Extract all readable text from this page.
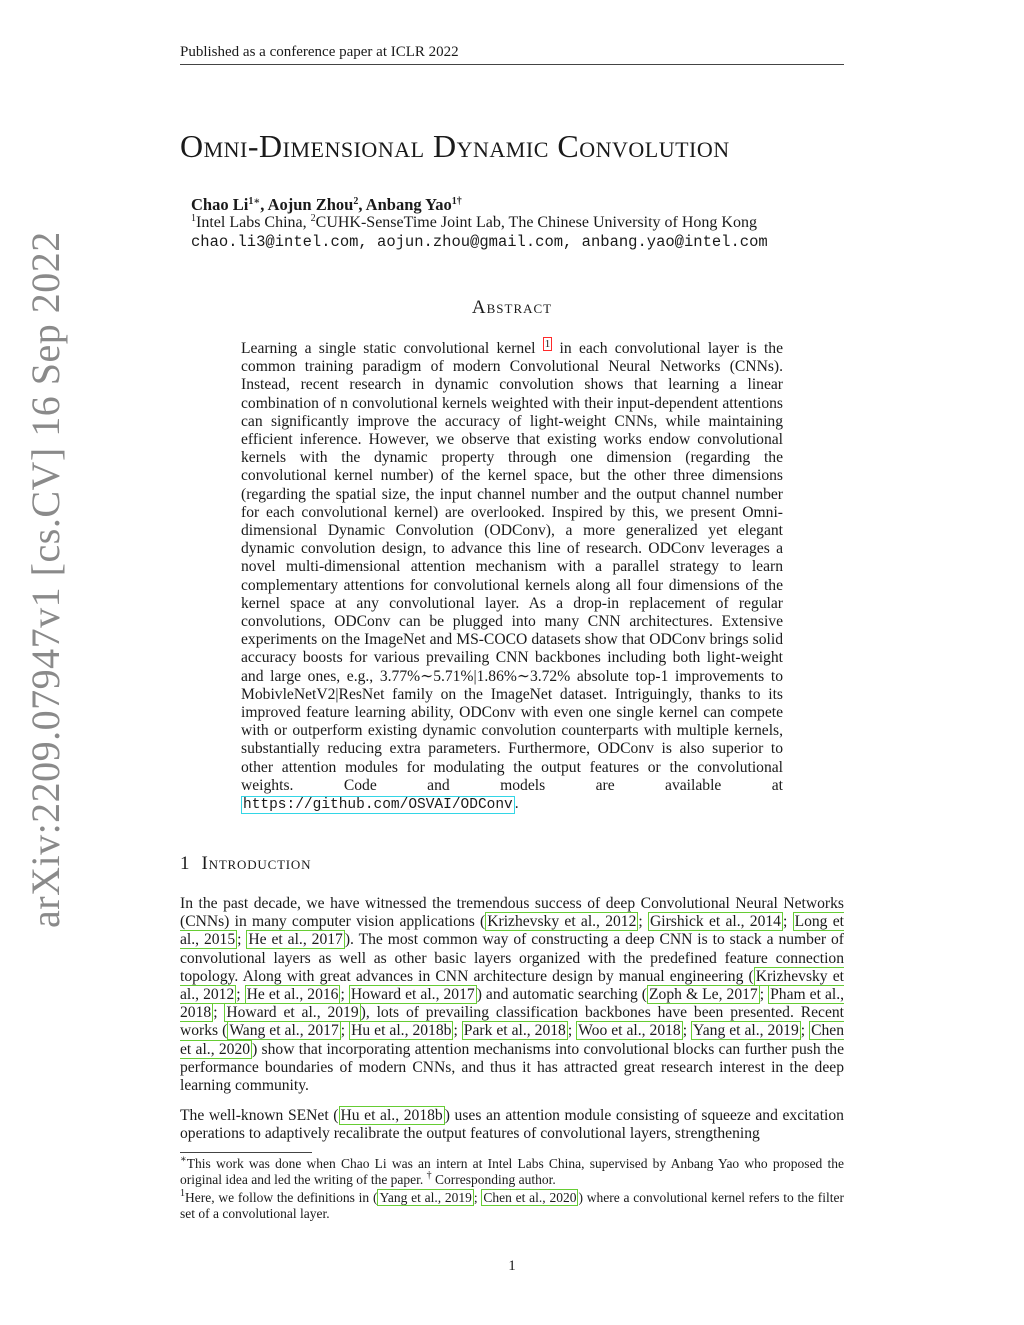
Published as a conference paper at ICLR 2022
arXiv:2209.07947v1 [cs.CV] 16 Sep 2022
Omni-Dimensional Dynamic Convolution
Chao $Li^{1∗}$, Aojun Zhou$^2$, Anbang Yao$^{1\dagger}$
$^1$Intel Labs China, $^2$CUHK-SenseTime Joint Lab, The Chinese University of Hong Kong
chao.li3@intel.com, aojun.zhou@gmail.com, anbang.yao@intel.com
Abstract
Learning a single static convolutional kernel $^1$ in each convolutional layer is the common training paradigm of modern Convolutional Neural Networks (CNNs). Instead, recent research in dynamic convolution shows that learning a linear combination of n convolutional kernels weighted with their input-dependent attentions can significantly improve the accuracy of light-weight CNNs, while maintaining efficient inference. However, we observe that existing works endow convolutional kernels with the dynamic property through one dimension (regarding the convolutional kernel number) of the kernel space, but the other three dimensions (regarding the spatial size, the input channel number and the output channel number for each convolutional kernel) are overlooked. Inspired by this, we present Omni-dimensional Dynamic Convolution (ODConv), a more generalized yet elegant dynamic convolution design, to advance this line of research. ODConv leverages a novel multi-dimensional attention mechanism with a parallel strategy to learn complementary attentions for convolutional kernels along all four dimensions of the kernel space at any convolutional layer. As a drop-in replacement of regular convolutions, ODConv can be plugged into many CNN architectures. Extensive experiments on the ImageNet and MS-COCO datasets show that ODConv brings solid accuracy boosts for various prevailing CNN backbones including both light-weight and large ones, e.g., 3.77%∼5.71%|1.86%∼3.72% absolute top-1 improvements to MobivleNetV2|ResNet family on the ImageNet dataset. Intriguingly, thanks to its improved feature learning ability, ODConv with even one single kernel can compete with or outperform existing dynamic convolution counterparts with multiple kernels, substantially reducing extra parameters. Furthermore, ODConv is also superior to other attention modules for modulating the output features or the convolutional weights. Code and models are available at https://github.com/OSVAI/ODConv .
1 Introduction
In the past decade, we have witnessed the tremendous success of deep Convolutional Neural Networks (CNNs) in many computer vision applications ( Krizhevsky et al., 2012 ; Girshick et al., 2014 ; Long et al., 2015 ; He et al., 2017 ). The most common way of constructing a deep CNN is to stack a number of convolutional layers as well as other basic layers organized with the predefined feature connection topology. Along with great advances in CNN architecture design by manual engineering ( Krizhevsky et al., 2012 ; He et al., 2016 ; Howard et al., 2017 ) and automatic searching ( Zoph & Le, 2017 ; Pham et al., 2018 ; Howard et al., 2019 ), lots of prevailing classification backbones have been presented. Recent works ( Wang et al., 2017 ; Hu et al., 2018b ; Park et al., 2018 ; Woo et al., 2018 ; Yang et al., 2019 ; Chen et al., 2020 ) show that incorporating attention mechanisms into convolutional blocks can further push the performance boundaries of modern CNNs, and thus it has attracted great research interest in the deep learning community.
The well-known SENet ( Hu et al., 2018b ) uses an attention module consisting of squeeze and excitation operations to adaptively recalibrate the output features of convolutional layers, strengthening
∗This work was done when Chao Li was an intern at Intel Labs China, supervised by Anbang Yao who proposed the original idea and led the writing of the paper. † Corresponding author.
$^1$Here, we follow the definitions in ( Yang et al., 2019 ; Chen et al., 2020 ) where a convolutional kernel refers to the filter set of a convolutional layer.
1
